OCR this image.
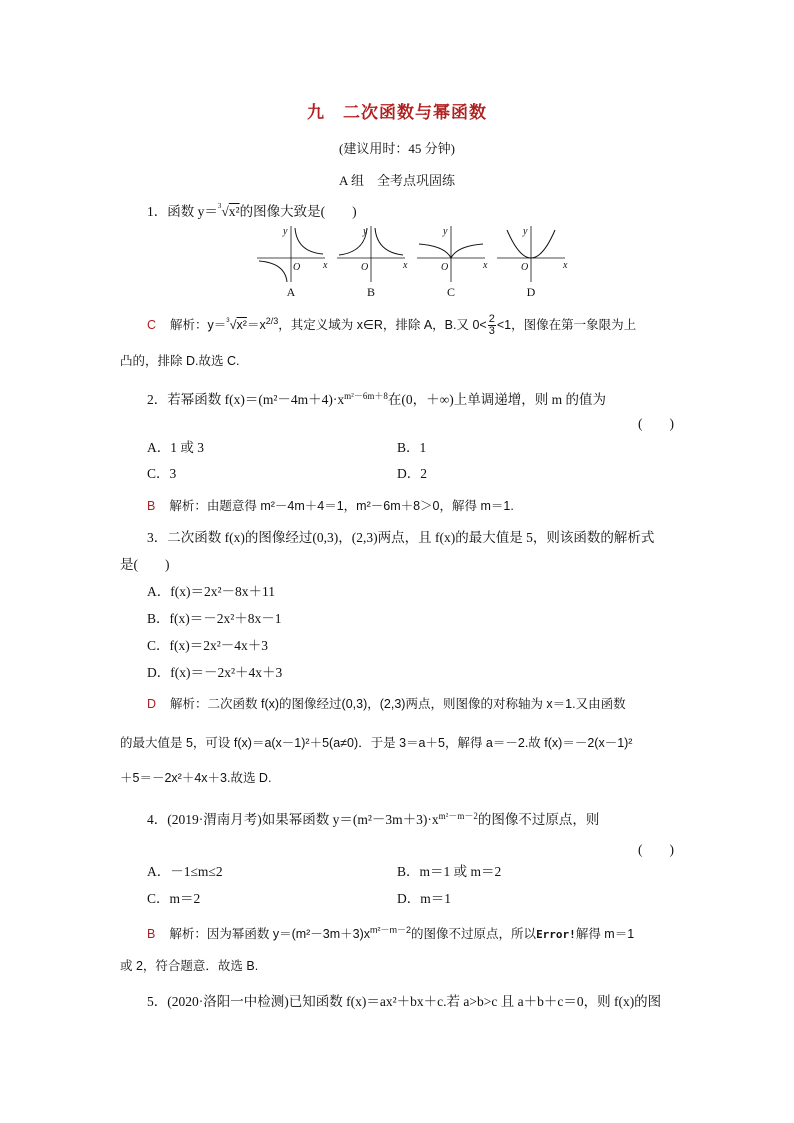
九　二次函数与幂函数
(建议用时：45 分钟)
A 组　全考点巩固练
1．函数 y＝$^3$√x²的图像大致是(　　)
y
x
O
y
x
O
y
x
O
y
x
O
A	B	C	D
C 解析：$y=^3√x^2=x^{2/3}$，其定义域为 x∈R，排除 A，B.又 $0< \frac{2}{3} <1$，图像在第一象限为上
凸的，排除 D.故选 C.
2．若幂函数 $f(x)=(m^2-4m+4)\cdot x^{m^2-6m+8}$在(0，＋∞)上单调递增，则 m 的值为
(　　)
A．1 或 3	B．1
C．3	D．2
B 解析：由题意得 m²－4m＋4＝1，m²－6m＋8＞0，解得 m＝1.
3．二次函数 f(x)的图像经过(0,3)，(2,3)两点，且 f(x)的最大值是 5，则该函数的解析式
是(　　)
A．f(x)＝2x²－8x＋11
B．f(x)＝－2x²＋8x－1
C．f(x)＝2x²－4x＋3
D．f(x)＝－2x²＋4x＋3
D 解析：二次函数 f(x)的图像经过(0,3)，(2,3)两点，则图像的对称轴为 x＝1.又由函数
的最大值是 5，可设 f(x)＝a(x－1)²＋5(a≠0)．于是 3＝a＋5，解得 a＝－2.故 f(x)＝－2(x－1)²
＋5＝－2x²＋4x＋3.故选 D.
4．(2019·渭南月考)如果幂函数 $y=(m^2-3m+3)\cdot x^{m^2-m-2}$的图像不过原点，则
(　　)
A．－1≤m≤2	B．m＝1 或 m＝2
C．m＝2	D．m＝1
B 解析：因为幂函数 $y=(m^2-3m+3)x^{m^2-m-2}$的图像不过原点，所以Error!解得 m＝1
或 2，符合题意．故选 B.
5．(2020·洛阳一中检测)已知函数 f(x)＝ax²＋bx＋c.若 a>b>c 且 a＋b＋c＝0，则 f(x)的图
